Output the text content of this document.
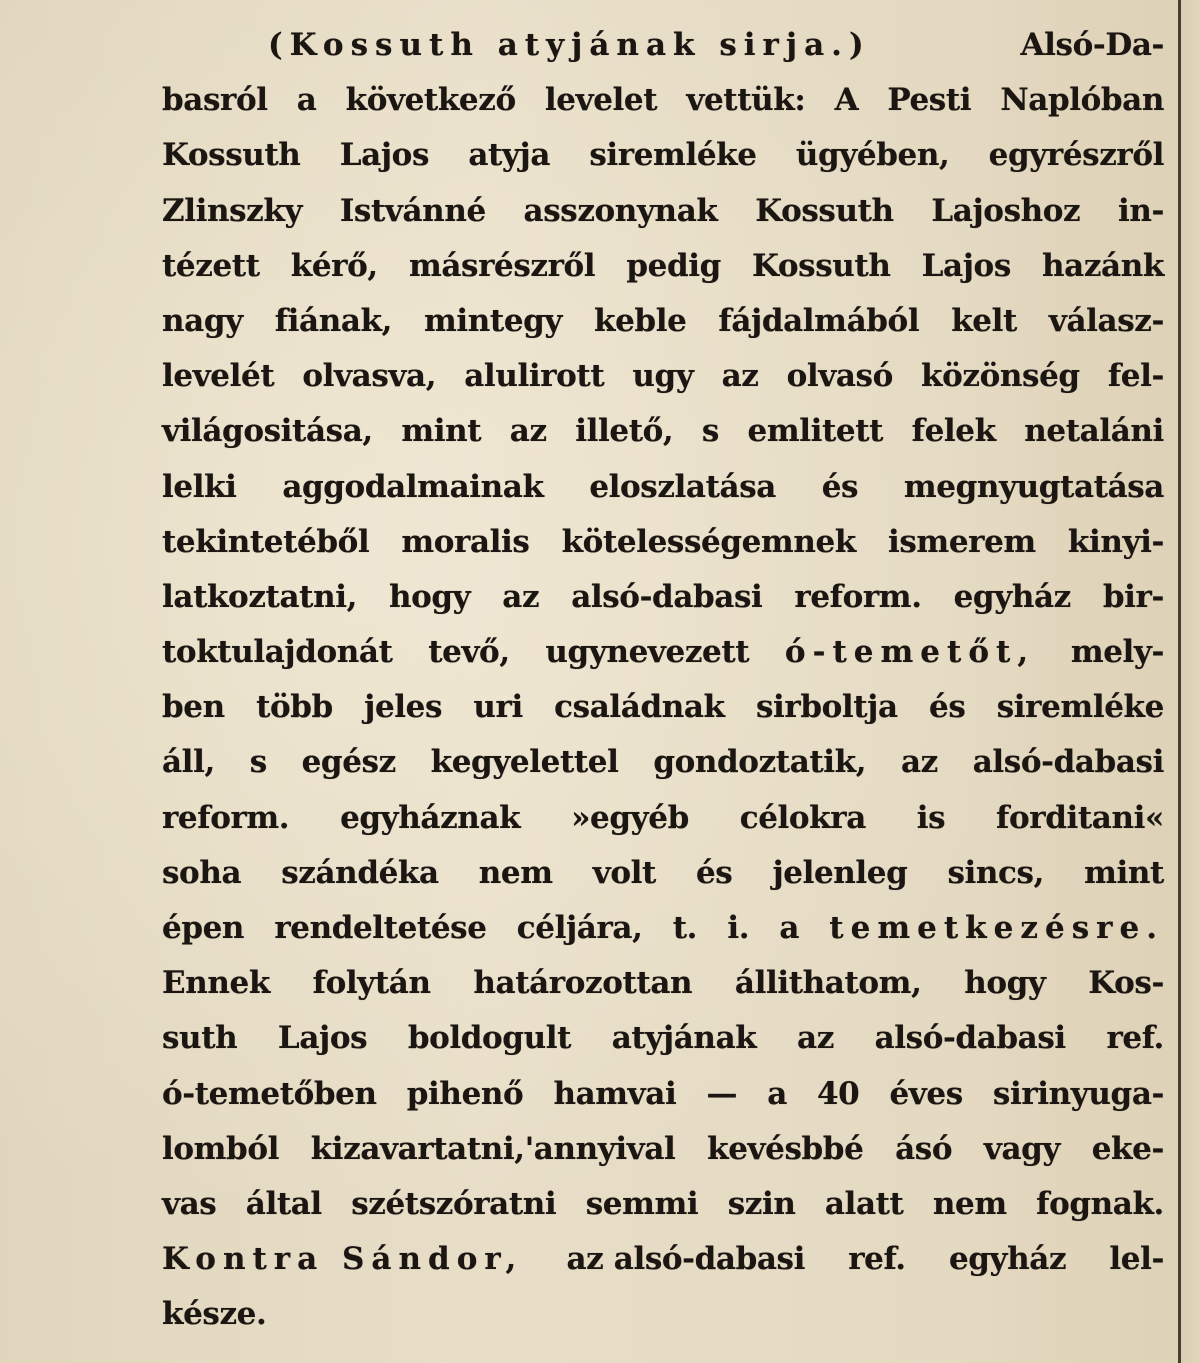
(Kossuth atyjának sirja.)	Alsó-Da-
basról a következő levelet vettük: A Pesti Naplóban
Kossuth Lajos atyja siremléke ügyében, egyrészről
Zlinszky Istvánné asszonynak Kossuth Lajoshoz in-
tézett kérő, másrészről pedig Kossuth Lajos hazánk
nagy fiának, mintegy keble fájdalmából kelt válasz-
levelét olvasva, alulirott ugy az olvasó közönség fel-
világositása, mint az illető, s emlitett felek netaláni
lelki aggodalmainak eloszlatása és megnyugtatása
tekintetéből moralis kötelességemnek ismerem kinyi-
latkoztatni, hogy az alsó-dabasi reform. egyház bir-
toktulajdonát tevő, ugynevezett ó-temetőt, mely-
ben több jeles uri családnak sirboltja és siremléke
áll, s egész kegyelettel gondoztatik, az alsó-dabasi
reform. egyháznak »egyéb célokra is forditani«
soha szándéka nem volt és jelenleg sincs, mint
épen rendeltetése céljára, t. i. a temetkezésre.
Ennek folytán határozottan állithatom, hogy Kos-
suth Lajos boldogult atyjának az alsó-dabasi ref.
ó-temetőben pihenő hamvai — a 40 éves sirinyuga-
lomból kizavartatni,'annyival kevésbbé ásó vagy eke-
vas által szétszóratni semmi szin alatt nem fognak.
Kontra Sándor, az alsó-dabasi ref. egyház lel-
késze.
